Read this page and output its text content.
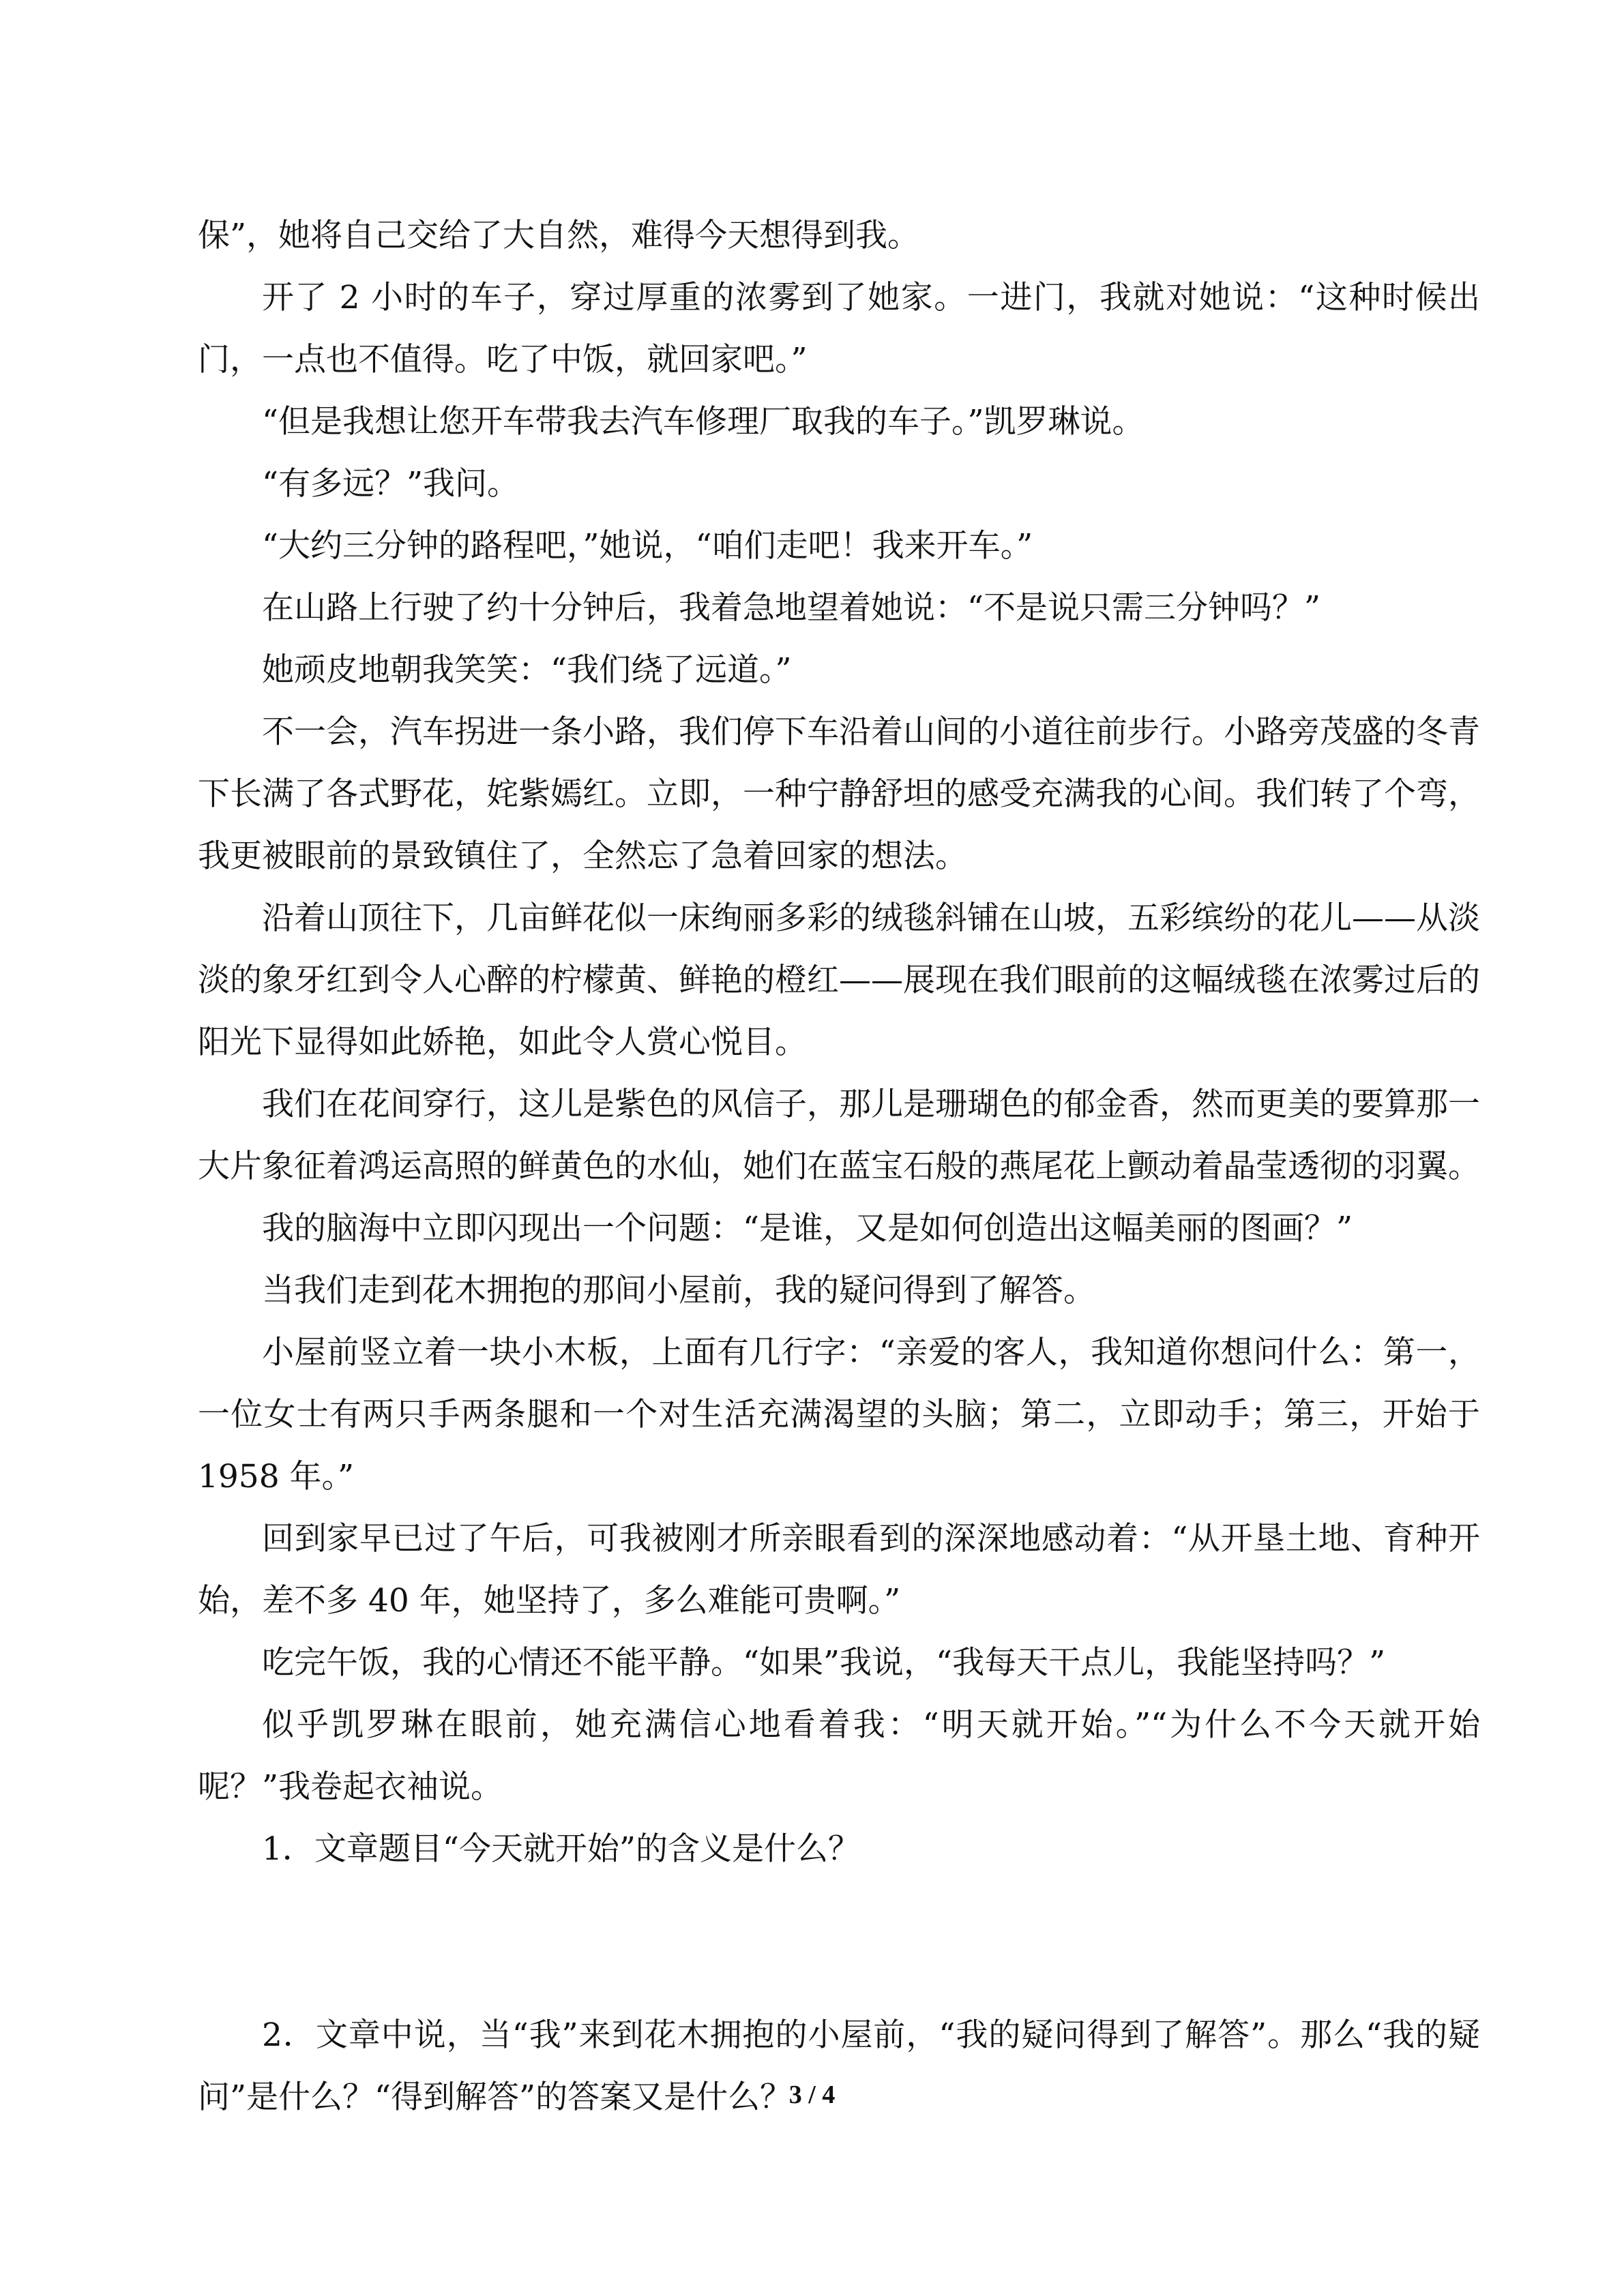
保”，她将自己交给了大自然，难得今天想得到我。

开了 2 小时的车子，穿过厚重的浓雾到了她家。一进门，我就对她说：“这种时候出门，一点也不值得。吃了中饭，就回家吧。”

“但是我想让您开车带我去汽车修理厂取我的车子。”凯罗琳说。

“有多远？”我问。

“大约三分钟的路程吧，”她说，“咱们走吧！我来开车。”

在山路上行驶了约十分钟后，我着急地望着她说：“不是说只需三分钟吗？”

她顽皮地朝我笑笑：“我们绕了远道。”

不一会，汽车拐进一条小路，我们停下车沿着山间的小道往前步行。小路旁茂盛的冬青下长满了各式野花，姹紫嫣红。立即，一种宁静舒坦的感受充满我的心间。我们转了个弯，我更被眼前的景致镇住了，全然忘了急着回家的想法。

沿着山顶往下，几亩鲜花似一床绚丽多彩的绒毯斜铺在山坡，五彩缤纷的花儿——从淡淡的象牙红到令人心醉的柠檬黄、鲜艳的橙红——展现在我们眼前的这幅绒毯在浓雾过后的阳光下显得如此娇艳，如此令人赏心悦目。

我们在花间穿行，这儿是紫色的风信子，那儿是珊瑚色的郁金香，然而更美的要算那一大片象征着鸿运高照的鲜黄色的水仙，她们在蓝宝石般的燕尾花上颤动着晶莹透彻的羽翼。

我的脑海中立即闪现出一个问题：“是谁，又是如何创造出这幅美丽的图画？”

当我们走到花木拥抱的那间小屋前，我的疑问得到了解答。

小屋前竖立着一块小木板，上面有几行字：“亲爱的客人，我知道你想问什么：第一，一位女士有两只手两条腿和一个对生活充满渴望的头脑；第二，立即动手；第三，开始于 1958 年。”

回到家早已过了午后，可我被刚才所亲眼看到的深深地感动着：“从开垦土地、育种开始，差不多 40 年，她坚持了，多么难能可贵啊。”

吃完午饭，我的心情还不能平静。“如果”我说，“我每天干点儿，我能坚持吗？”

似乎凯罗琳在眼前，她充满信心地看着我：“明天就开始。”“为什么不今天就开始呢？”我卷起衣袖说。

1．文章题目“今天就开始”的含义是什么？

2．文章中说，当“我”来到花木拥抱的小屋前，“我的疑问得到了解答”。那么“我的疑问”是什么？“得到解答”的答案又是什么？

3 / 4
